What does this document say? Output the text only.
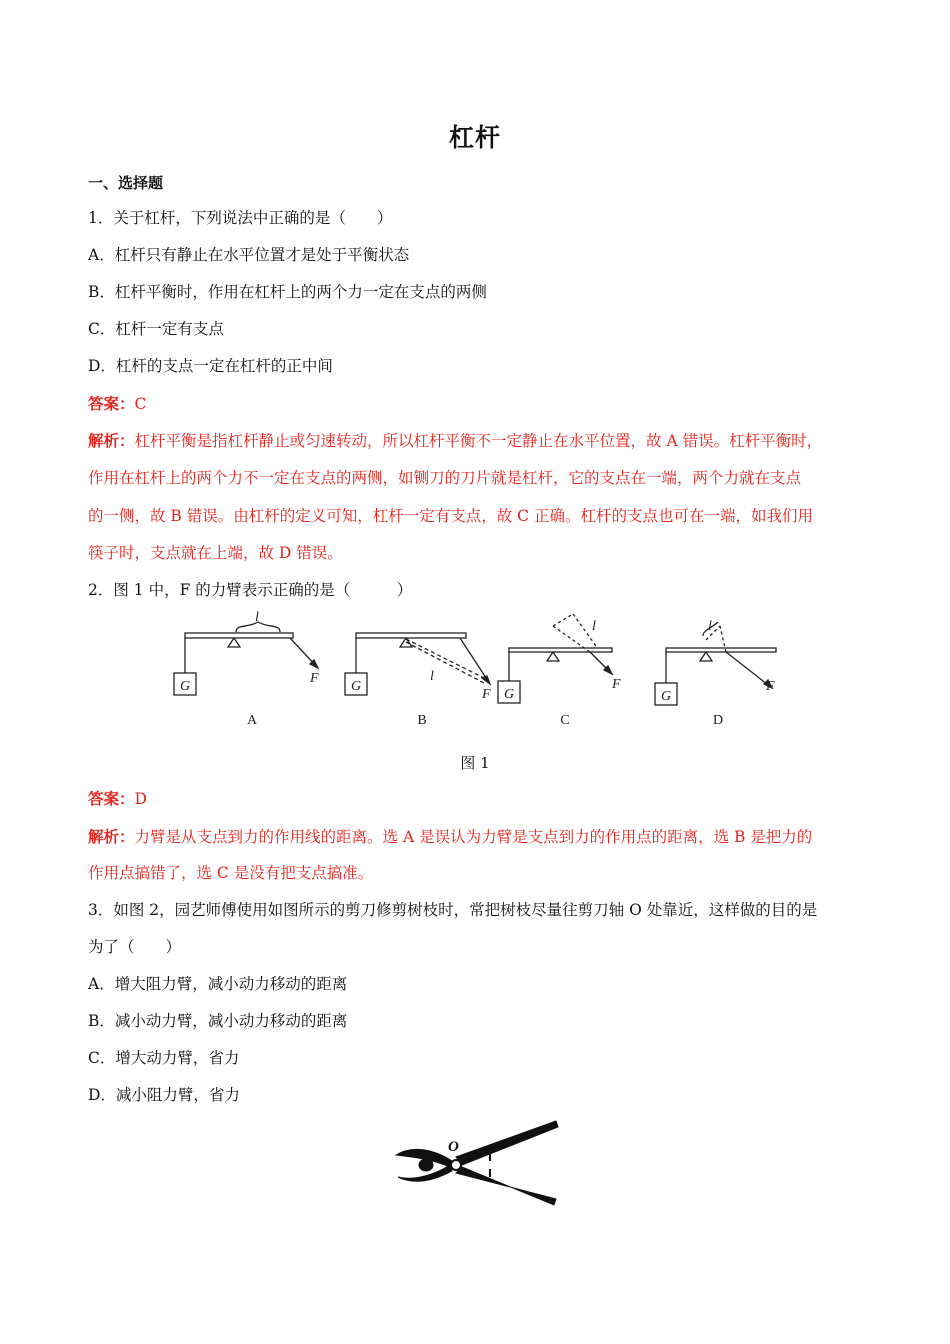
杠杆
一、选择题
1．关于杠杆，下列说法中正确的是（　　）
A．杠杆只有静止在水平位置才是处于平衡状态
B．杠杆平衡时，作用在杠杆上的两个力一定在支点的两侧
C．杠杆一定有支点
D．杠杆的支点一定在杠杆的正中间
答案：C
解析：杠杆平衡是指杠杆静止或匀速转动，所以杠杆平衡不一定静止在水平位置，故 A 错误。杠杆平衡时，
作用在杠杆上的两个力不一定在支点的两侧，如铡刀的刀片就是杠杆，它的支点在一端，两个力就在支点
的一侧，故 B 错误。由杠杆的定义可知，杠杆一定有支点，故 C 正确。杠杆的支点也可在一端，如我们用
筷子时，支点就在上端，故 D 错误。
2．图 1 中，F 的力臂表示正确的是（　　　）
G
F
l
G
F
l
G
F
l
G
F
l
A	B	C	D
图 1
答案：D
解析：力臂是从支点到力的作用线的距离。选 A 是误认为力臂是支点到力的作用点的距离，选 B 是把力的
作用点搞错了，选 C 是没有把支点搞准。
3．如图 2，园艺师傅使用如图所示的剪刀修剪树枝时，常把树枝尽量往剪刀轴 O 处靠近，这样做的目的是
为了（　　）
A．增大阻力臂，减小动力移动的距离
B．减小动力臂，减小动力移动的距离
C．增大动力臂，省力
D．减小阻力臂，省力
O
